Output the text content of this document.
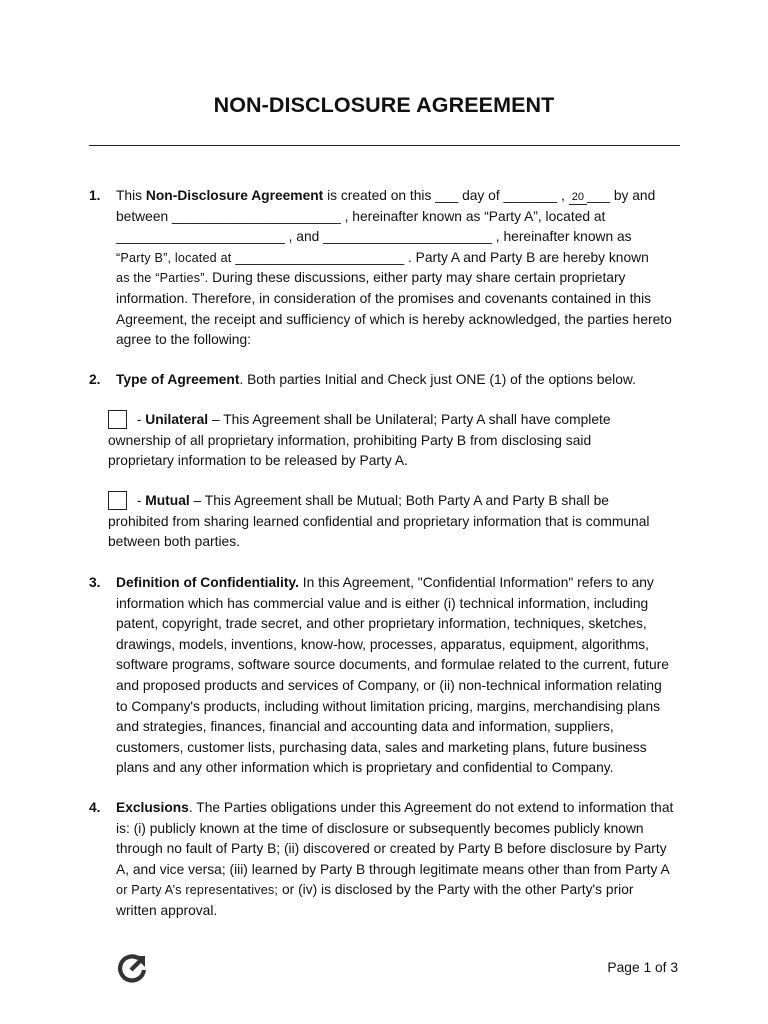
NON-DISCLOSURE AGREEMENT
1.	This Non-Disclosure Agreement is created on this ___ day of _______ , 20 ___ by and
between ______________________ , hereinafter known as “Party A”, located at
______________________ , and ______________________ , hereinafter known as
“Party B”, located at ______________________ . Party A and Party B are hereby known
as the “Parties”. During these discussions, either party may share certain proprietary
information. Therefore, in consideration of the promises and covenants contained in this
Agreement, the receipt and sufficiency of which is hereby acknowledged, the parties hereto
agree to the following:
2.	Type of Agreement. Both parties Initial and Check just ONE (1) of the options below.
- Unilateral – This Agreement shall be Unilateral; Party A shall have complete
ownership of all proprietary information, prohibiting Party B from disclosing said
proprietary information to be released by Party A.
- Mutual – This Agreement shall be Mutual; Both Party A and Party B shall be
prohibited from sharing learned confidential and proprietary information that is communal
between both parties.
3.	Definition of Confidentiality. In this Agreement, "Confidential Information" refers to any
information which has commercial value and is either (i) technical information, including
patent, copyright, trade secret, and other proprietary information, techniques, sketches,
drawings, models, inventions, know-how, processes, apparatus, equipment, algorithms,
software programs, software source documents, and formulae related to the current, future
and proposed products and services of Company, or (ii) non-technical information relating
to Company's products, including without limitation pricing, margins, merchandising plans
and strategies, finances, financial and accounting data and information, suppliers,
customers, customer lists, purchasing data, sales and marketing plans, future business
plans and any other information which is proprietary and confidential to Company.
4.	Exclusions. The Parties obligations under this Agreement do not extend to information that
is: (i) publicly known at the time of disclosure or subsequently becomes publicly known
through no fault of Party B; (ii) discovered or created by Party B before disclosure by Party
A, and vice versa; (iii) learned by Party B through legitimate means other than from Party A
or Party A’s representatives; or (iv) is disclosed by the Party with the other Party's prior
written approval.
Page 1 of 3
